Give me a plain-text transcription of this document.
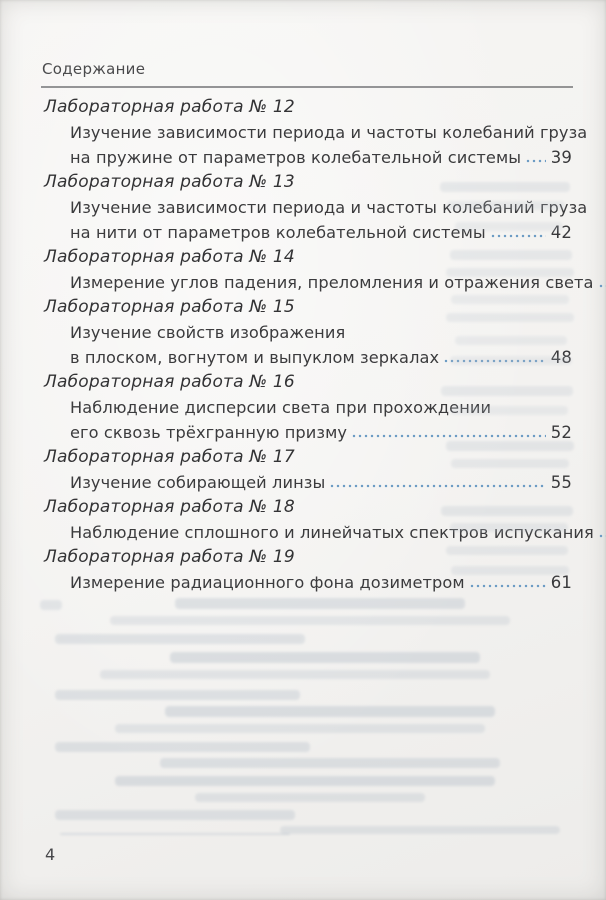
Содержание
Лабораторная работа № 12
Изучение зависимости периода и частоты колебаний груза
на пружине от параметров колебательной системы 39
Лабораторная работа № 13
Изучение зависимости периода и частоты колебаний груза
на нити от параметров колебательной системы	42
Лабораторная работа № 14
Измерение углов падения, преломления и отражения света
Лабораторная работа № 15
Изучение свойств изображения
в плоском, вогнутом и выпуклом зеркалах	48
Лабораторная работа № 16
Наблюдение дисперсии света при прохождении
его сквозь трёхгранную призму	52
Лабораторная работа № 17
Изучение собирающей линзы	55
Лабораторная работа № 18
Наблюдение сплошного и линейчатых спектров испускания
Лабораторная работа № 19
Измерение радиационного фона дозиметром	61
4
